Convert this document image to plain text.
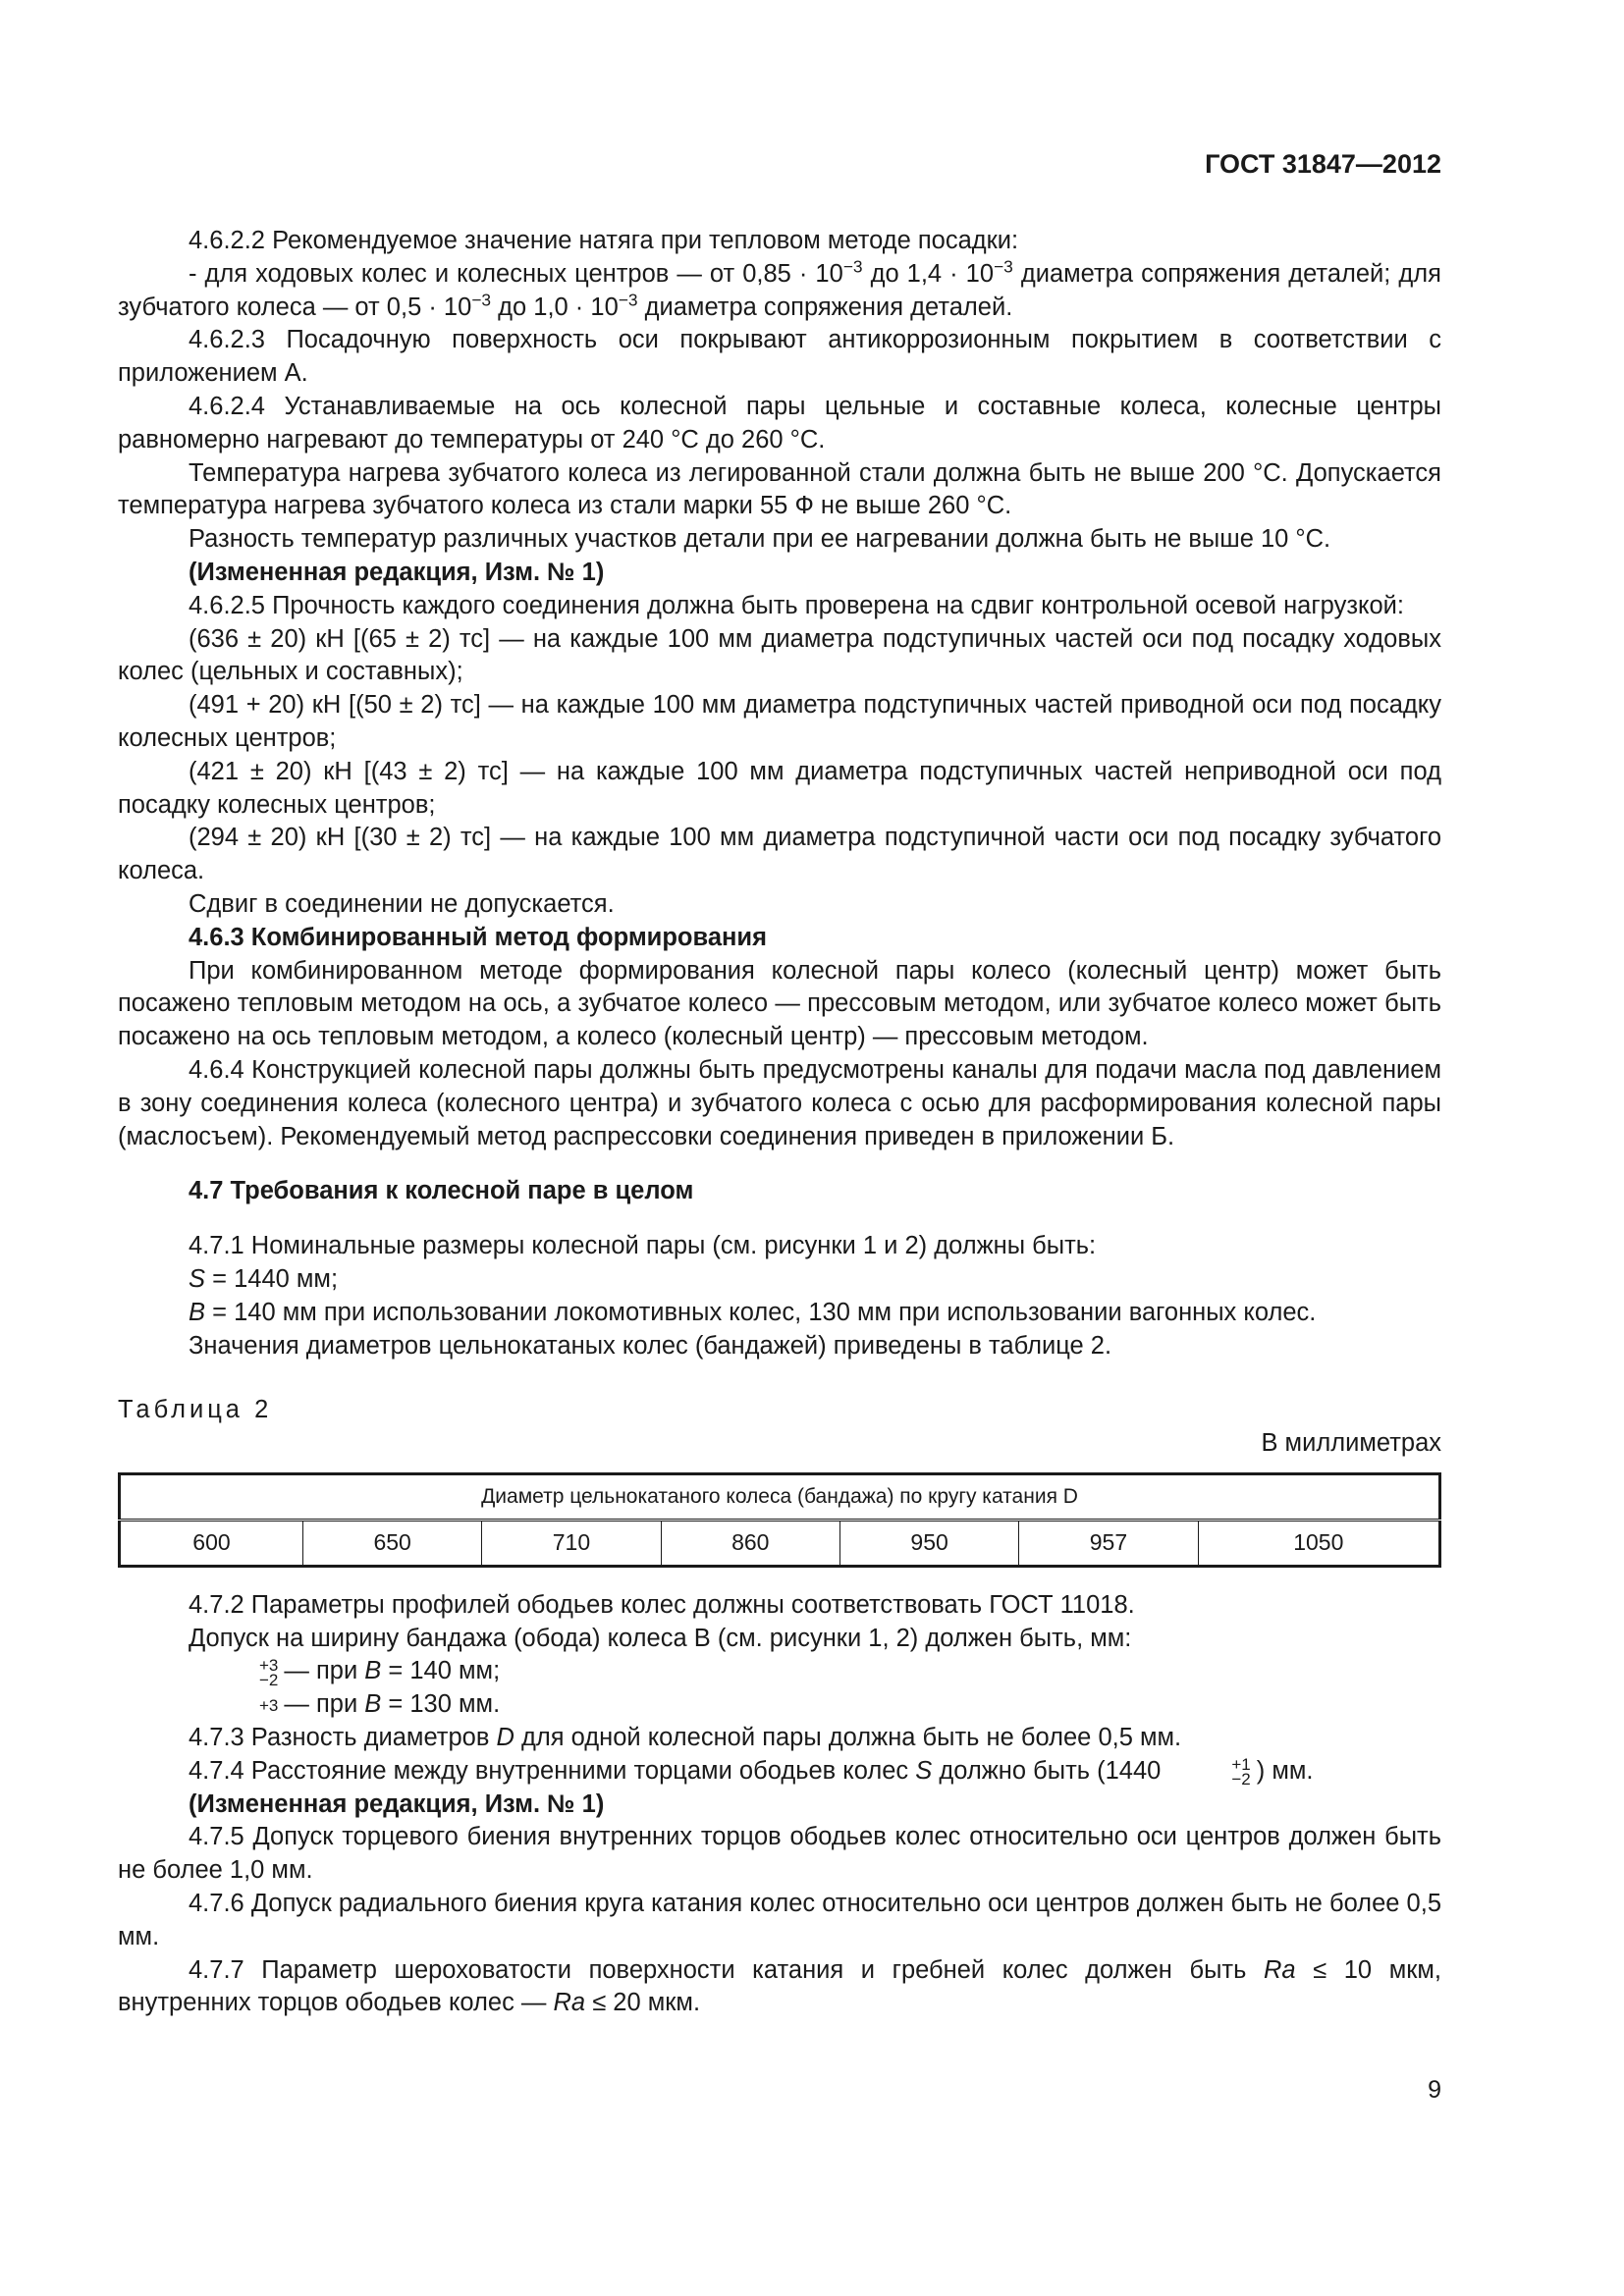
ГОСТ 31847—2012

4.6.2.2 Рекомендуемое значение натяга при тепловом методе посадки:

- для ходовых колес и колесных центров — от $0,85 \cdot 10^{-3}$ до $1,4 \cdot 10^{-3}$ диаметра сопряжения деталей; для зубчатого колеса — от $0,5 \cdot 10^{-3}$ до $1,0 \cdot 10^{-3}$ диаметра сопряжения деталей.

4.6.2.3 Посадочную поверхность оси покрывают антикоррозионным покрытием в соответствии с приложением А.

4.6.2.4 Устанавливаемые на ось колесной пары цельные и составные колеса, колесные центры равномерно нагревают до температуры от 240 °С до 260 °С.

Температура нагрева зубчатого колеса из легированной стали должна быть не выше 200 °С. Допускается температура нагрева зубчатого колеса из стали марки 55 Ф не выше 260 °С.

Разность температур различных участков детали при ее нагревании должна быть не выше 10 °С.

(Измененная редакция, Изм. № 1)

4.6.2.5 Прочность каждого соединения должна быть проверена на сдвиг контрольной осевой нагрузкой:

(636 ± 20) кН [(65 ± 2) тс] — на каждые 100 мм диаметра подступичных частей оси под посадку ходовых колес (цельных и составных);

(491 + 20) кН [(50 ± 2) тс] — на каждые 100 мм диаметра подступичных частей приводной оси под посадку колесных центров;

(421 ± 20) кН [(43 ± 2) тс] — на каждые 100 мм диаметра подступичных частей неприводной оси под посадку колесных центров;

(294 ± 20) кН [(30 ± 2) тс] — на каждые 100 мм диаметра подступичной части оси под посадку зубчатого колеса.

Сдвиг в соединении не допускается.

4.6.3 Комбинированный метод формирования

При комбинированном методе формирования колесной пары колесо (колесный центр) может быть посажено тепловым методом на ось, а зубчатое колесо — прессовым методом, или зубчатое колесо может быть посажено на ось тепловым методом, а колесо (колесный центр) — прессовым методом.

4.6.4 Конструкцией колесной пары должны быть предусмотрены каналы для подачи масла под давлением в зону соединения колеса (колесного центра) и зубчатого колеса с осью для расформирования колесной пары (маслосъем). Рекомендуемый метод распрессовки соединения приведен в приложении Б.

4.7 Требования к колесной паре в целом

4.7.1 Номинальные размеры колесной пары (см. рисунки 1 и 2) должны быть:

S = 1440 мм;

B = 140 мм при использовании локомотивных колес, 130 мм при использовании вагонных колес.

Значения диаметров цельнокатаных колес (бандажей) приведены в таблице 2.

Таблица 2

В миллиметрах

Диаметр цельнокатаного колеса (бандажа) по кругу катания D
600	650	710	860	950	957	1050

4.7.2 Параметры профилей ободьев колес должны соответствовать ГОСТ 11018.

Допуск на ширину бандажа (обода) колеса В (см. рисунки 1, 2) должен быть, мм:

+3
−2 — при B = 140 мм;

+3 — при B = 130 мм.

4.7.3 Разность диаметров D для одной колесной пары должна быть не более 0,5 мм.

4.7.4 Расстояние между внутренними торцами ободьев колес S должно быть (1440	+1
−2 ) мм.

(Измененная редакция, Изм. № 1)

4.7.5 Допуск торцевого биения внутренних торцов ободьев колес относительно оси центров должен быть не более 1,0 мм.

4.7.6 Допуск радиального биения круга катания колес относительно оси центров должен быть не более 0,5 мм.

4.7.7 Параметр шероховатости поверхности катания и гребней колес должен быть Ra ≤ 10 мкм, внутренних торцов ободьев колес — Ra ≤ 20 мкм.

9
